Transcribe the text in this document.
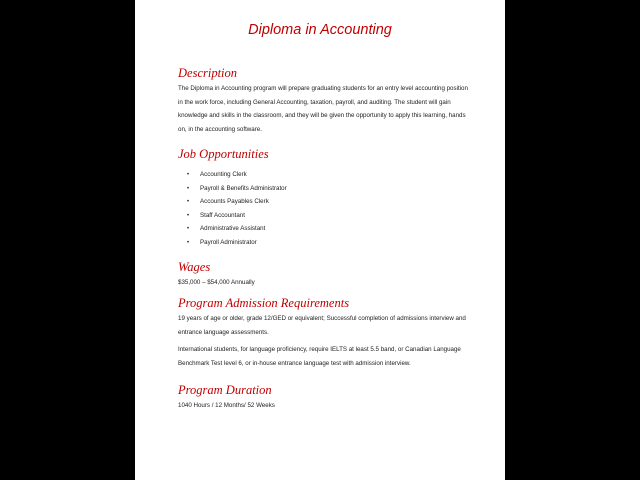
Diploma in Accounting
Description

The Diploma in Accounting program will prepare graduating students for an entry level accounting position in the work force, including General Accounting, taxation, payroll, and auditing. The student will gain knowledge and skills in the classroom, and they will be given the opportunity to apply this learning, hands on, in the accounting software.

Job Opportunities
• Accounting Clerk
• Payroll & Benefits Administrator
• Accounts Payables Clerk
• Staff Accountant
• Administrative Assistant
• Payroll Administrator
Wages
$35,000 – $54,000 Annually
Program Admission Requirements

19 years of age or older, grade 12/GED or equivalent; Successful completion of admissions interview and entrance language assessments.

International students, for language proficiency, require IELTS at least 5.5 band, or Canadian Language Benchmark Test level 6, or in-house entrance language test with admission interview.

Program Duration
1040 Hours / 12 Months/ 52 Weeks
